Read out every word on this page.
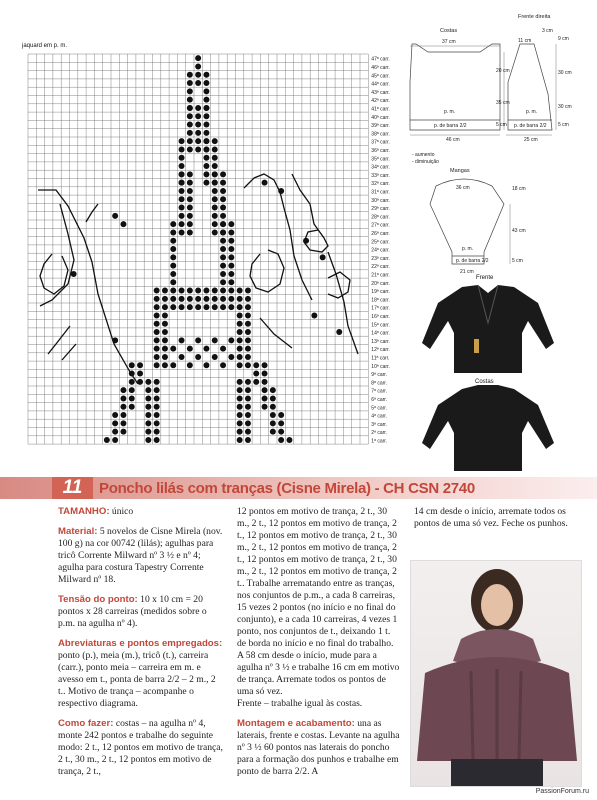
jaquard em p. m.
47ª carr.
46ª carr.
45ª carr.
44ª carr.
43ª carr.
42ª carr.
41ª carr.
40ª carr.
39ª carr.
38ª carr.
37ª carr.
36ª carr.
35ª carr.
34ª carr.
33ª carr.
32ª carr.
31ª carr.
30ª carr.
29ª carr.
28ª carr.
27ª carr.
26ª carr.
25ª carr.
24ª carr.
23ª carr.
22ª carr.
21ª carr.
20ª carr.
19ª carr.
18ª carr.
17ª carr.
16ª carr.
15ª carr.
14ª carr.
13ª carr.
12ª carr.
11ª carr.
10ª carr.
9ª carr.
8ª carr.
7ª carr.
6ª carr.
5ª carr.
4ª carr.
3ª carr.
2ª carr.
1ª carr.
Costas
Frente direita
37 cm	11 cm
3 cm
46 cm	25 cm
20 cm
35 cm
5 cm
9 cm
30 cm
30 cm
5 cm
p. m.	p. m.
p. de barra 2/2	p. de barra 2/2
- aumento
- diminuição
Mangas
36 cm
21 cm
43 cm
18 cm
5 cm
p. m.
p. de barra 2/2
Frente
Costas
11	Poncho lilás com tranças (Cisne Mirela) - CH CSN 2740

TAMANHO: único

Material: 5 novelos de Cisne Mirela (nov. 100 g) na cor 00742 (lilás); agulhas para tricô Corrente Milward nº 3 ½ e nº 4; agulha para costura Tapestry Corrente Milward nº 18.

Tensão do ponto: 10 x 10 cm = 20 pontos x 28 carreiras (medidos sobre o p.m. na agulha nº 4).

Abreviaturas e pontos empregados: ponto (p.), meia (m.), tricô (t.), carreira (carr.), ponto meia – carreira em m. e avesso em t., ponta de barra 2/2 – 2 m., 2 t.. Motivo de trança – acompanhe o respectivo diagrama.

Como fazer: costas – na agulha nº 4, monte 242 pontos e trabalhe do seguinte modo: 2 t., 12 pontos em motivo de trança, 2 t., 30 m., 2 t., 12 pontos em motivo de trança, 2 t.,

12 pontos em motivo de trança, 2 t., 30 m., 2 t., 12 pontos em motivo de trança, 2 t., 12 pontos em motivo de trança, 2 t., 30 m., 2 t., 12 pontos em motivo de trança, 2 t., 12 pontos em motivo de trança, 2 t., 30 m., 2 t., 12 pontos em motivo de trança, 2 t.. Trabalhe arrematando entre as tranças, nos conjuntos de p.m., a cada 8 carreiras, 15 vezes 2 pontos (no início e no final do conjunto), e a cada 10 carreiras, 4 vezes 1 ponto, nos conjuntos de t., deixando 1 t. de borda no início e no final do trabalho. A 58 cm desde o início, mude para a agulha nº 3 ½ e trabalhe 16 cm em motivo de trança. Arremate todos os pontos de uma só vez.

Frente – trabalhe igual às costas.

Montagem e acabamento: una as laterais, frente e costas. Levante na agulha nº 3 ½ 60 pontos nas laterais do poncho para a formação dos punhos e trabalhe em ponto de barra 2/2. A

14 cm desde o início, arremate todos os pontos de uma só vez. Feche os punhos.

PassionForum.ru
